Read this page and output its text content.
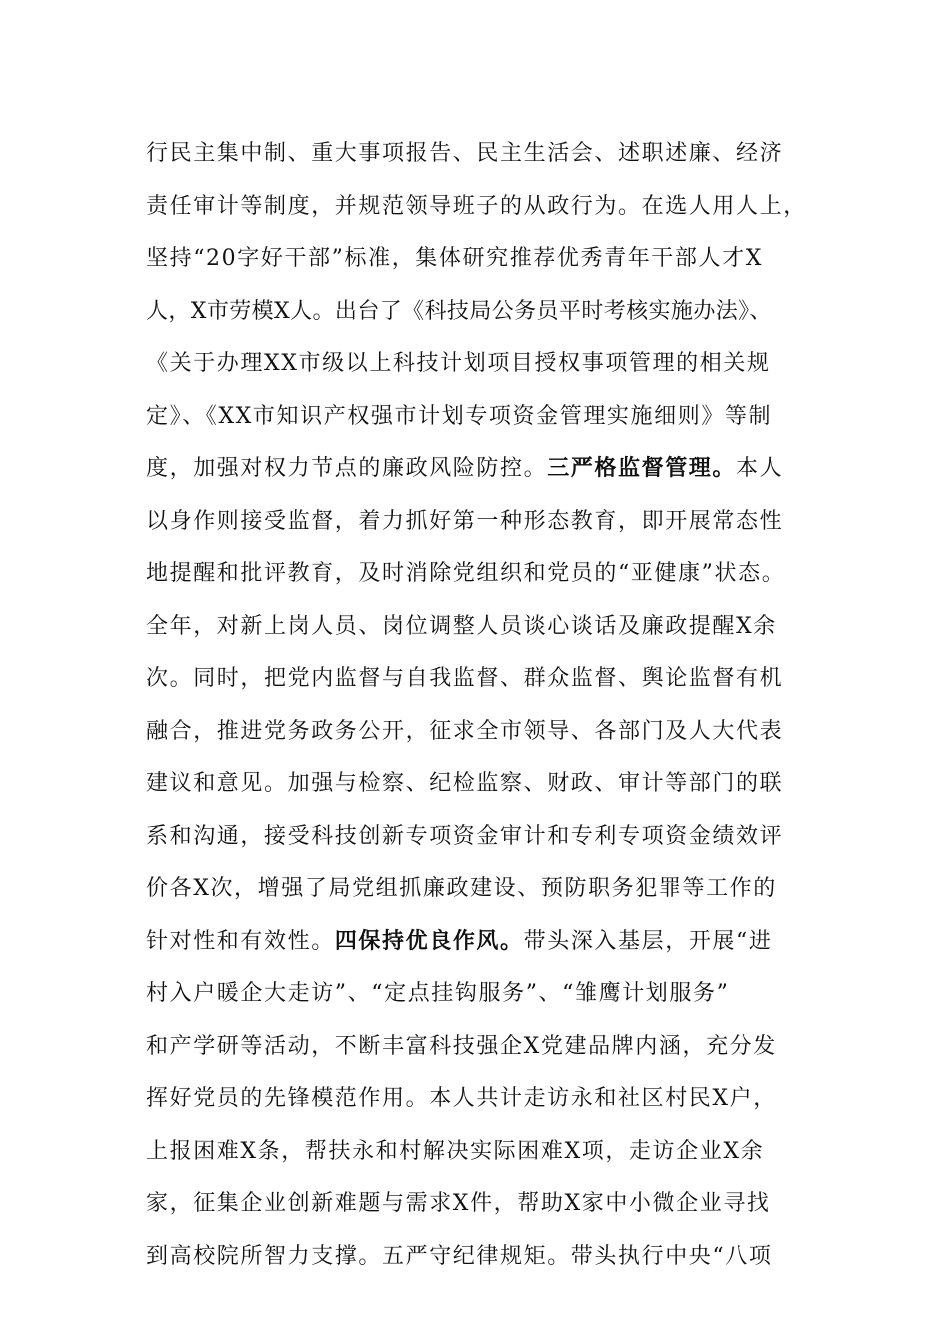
行民主集中制、重大事项报告、民主生活会、述职述廉、经济
责任审计等制度，并规范领导班子的从政行为。在选人用人上，
坚持“20字好干部”标准，集体研究推荐优秀青年干部人才X
人，X市劳模X人。出台了《科技局公务员平时考核实施办法》、
《关于办理XX市级以上科技计划项目授权事项管理的相关规
定》、《XX市知识产权强市计划专项资金管理实施细则》等制
度，加强对权力节点的廉政风险防控。三严格监督管理。本人
以身作则接受监督，着力抓好第一种形态教育，即开展常态性
地提醒和批评教育，及时消除党组织和党员的“亚健康”状态。
全年，对新上岗人员、岗位调整人员谈心谈话及廉政提醒X余
次。同时，把党内监督与自我监督、群众监督、舆论监督有机
融合，推进党务政务公开，征求全市领导、各部门及人大代表
建议和意见。加强与检察、纪检监察、财政、审计等部门的联
系和沟通，接受科技创新专项资金审计和专利专项资金绩效评
价各X次，增强了局党组抓廉政建设、预防职务犯罪等工作的
针对性和有效性。四保持优良作风。带头深入基层，开展“进
村入户暖企大走访”、“定点挂钩服务”、“雏鹰计划服务”
和产学研等活动，不断丰富科技强企X党建品牌内涵，充分发
挥好党员的先锋模范作用。本人共计走访永和社区村民X户，
上报困难X条，帮扶永和村解决实际困难X项，走访企业X余
家，征集企业创新难题与需求X件，帮助X家中小微企业寻找
到高校院所智力支撑。五严守纪律规矩。带头执行中央“八项
